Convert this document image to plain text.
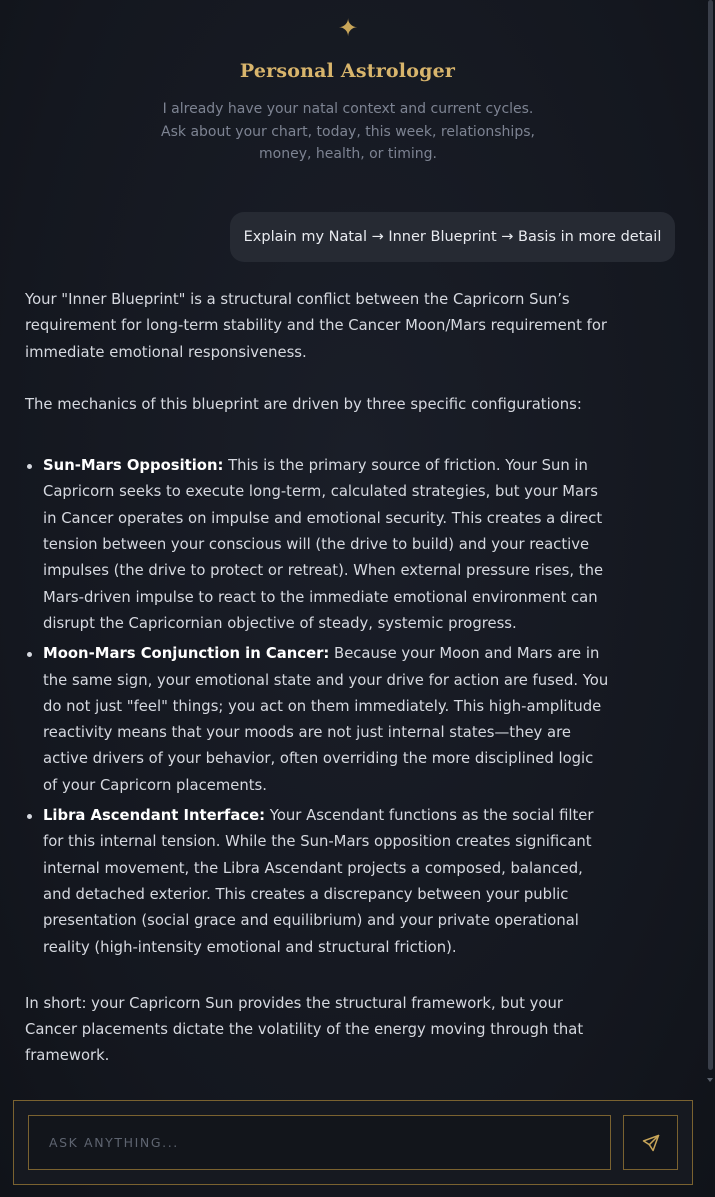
✦
Personal Astrologer
I already have your natal context and current cycles. Ask about your chart, today, this week, relationships, money, health, or timing.
Explain my Natal → Inner Blueprint → Basis in more detail

Your "Inner Blueprint" is a structural conflict between the Capricorn Sun’s requirement for long-term stability and the Cancer Moon/Mars requirement for immediate emotional responsiveness.

The mechanics of this blueprint are driven by three specific configurations:

Sun-Mars Opposition: This is the primary source of friction. Your Sun in Capricorn seeks to execute long-term, calculated strategies, but your Mars in Cancer operates on impulse and emotional security. This creates a direct tension between your conscious will (the drive to build) and your reactive impulses (the drive to protect or retreat). When external pressure rises, the Mars-driven impulse to react to the immediate emotional environment can disrupt the Capricornian objective of steady, systemic progress.
Moon-Mars Conjunction in Cancer: Because your Moon and Mars are in the same sign, your emotional state and your drive for action are fused. You do not just "feel" things; you act on them immediately. This high-amplitude reactivity means that your moods are not just internal states—they are active drivers of your behavior, often overriding the more disciplined logic of your Capricorn placements.
Libra Ascendant Interface: Your Ascendant functions as the social filter for this internal tension. While the Sun-Mars opposition creates significant internal movement, the Libra Ascendant projects a composed, balanced, and detached exterior. This creates a discrepancy between your public presentation (social grace and equilibrium) and your private operational reality (high-intensity emotional and structural friction).

In short: your Capricorn Sun provides the structural framework, but your Cancer placements dictate the volatility of the energy moving through that framework.

ASK ANYTHING...
